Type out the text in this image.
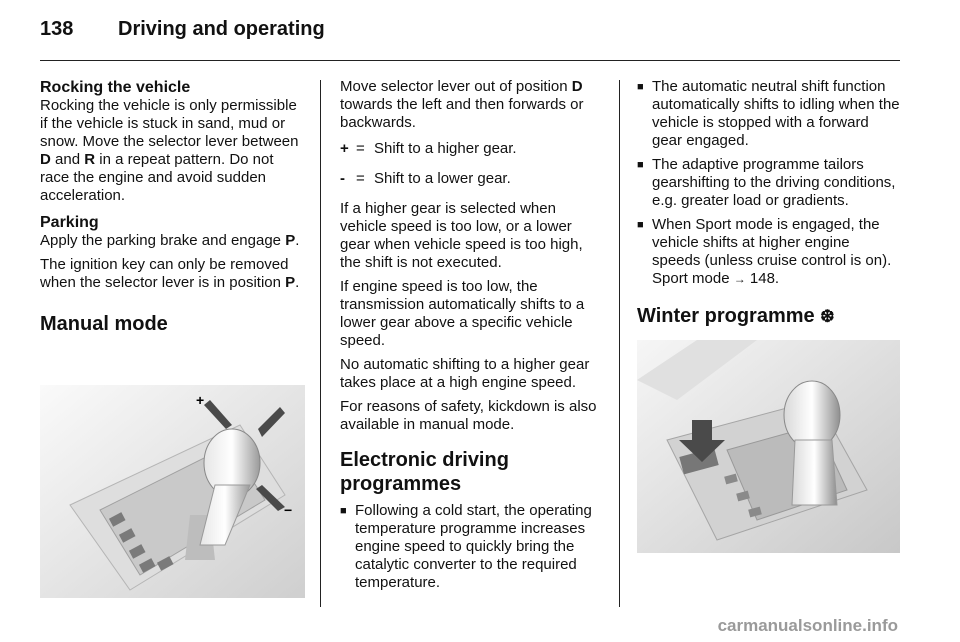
138	Driving and operating
Rocking the vehicle

Rocking the vehicle is only permissible if the vehicle is stuck in sand, mud or snow. Move the selector lever between D and R in a repeat pattern. Do not race the engine and avoid sudden acceleration.

Parking

Apply the parking brake and engage P.

The ignition key can only be removed when the selector lever is in position P.

Manual mode
+
−

Move selector lever out of position D towards the left and then forwards or backwards.

+ = Shift to a higher gear.
- = Shift to a lower gear.

If a higher gear is selected when vehicle speed is too low, or a lower gear when vehicle speed is too high, the shift is not executed.

If engine speed is too low, the transmission automatically shifts to a lower gear above a specific vehicle speed.

No automatic shifting to a higher gear takes place at a high engine speed.

For reasons of safety, kickdown is also available in manual mode.

Electronic driving programmes
■ Following a cold start, the operating temperature programme increases engine speed to quickly bring the catalytic converter to the required temperature.
■ The automatic neutral shift function automatically shifts to idling when the vehicle is stopped with a forward gear engaged.
■ The adaptive programme tailors gearshifting to the driving conditions, e.g. greater load or gradients.
■ When Sport mode is engaged, the vehicle shifts at higher engine speeds (unless cruise control is on). Sport mode → 148.
Winter programme ❆
carmanualsonline.info
